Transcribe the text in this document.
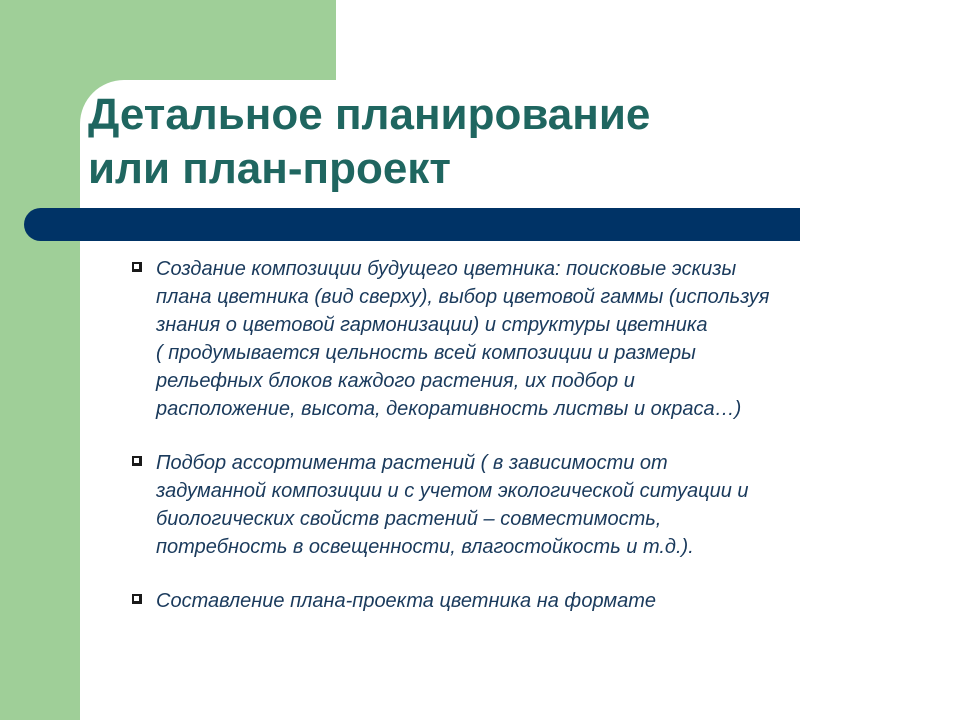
Детальное планирование
или план-проект
Создание композиции будущего цветника: поисковые эскизы
плана цветника (вид сверху), выбор цветовой гаммы (используя
знания о цветовой гармонизации) и структуры цветника
( продумывается цельность всей композиции и размеры
рельефных блоков каждого растения, их подбор и
расположение, высота, декоративность листвы и окраса…)
Подбор ассортимента растений ( в зависимости от
задуманной композиции и с учетом экологической ситуации и
биологических свойств растений – совместимость,
потребность в освещенности, влагостойкость и т.д.).
Составление плана-проекта цветника на формате
